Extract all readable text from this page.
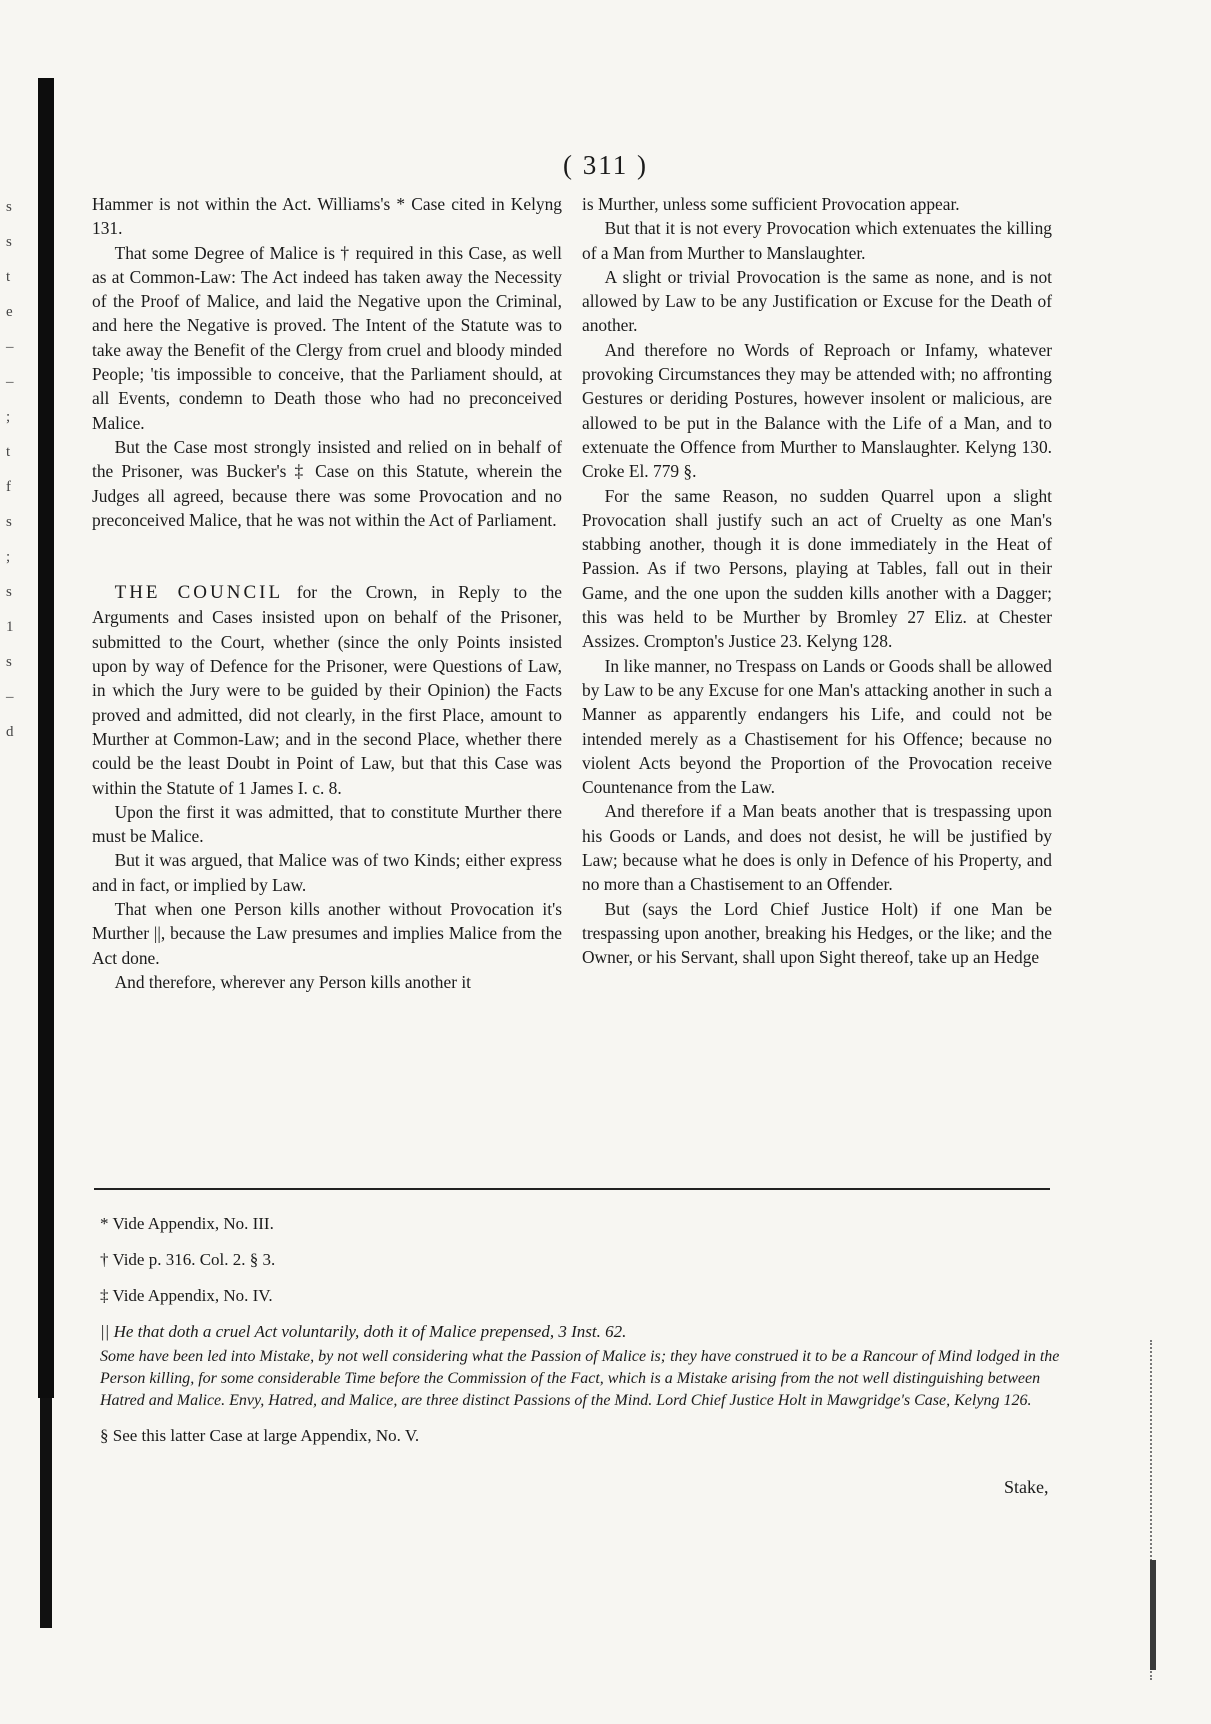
s
s
t
e
–
–
;
t
f
s
;
s
1
s
–
d
( 311 )

Hammer is not within the Act. Williams's * Case cited in Kelyng 131.

That some Degree of Malice is † required in this Case, as well as at Common-Law: The Act indeed has taken away the Necessity of the Proof of Malice, and laid the Negative upon the Criminal, and here the Negative is proved. The Intent of the Statute was to take away the Benefit of the Clergy from cruel and bloody minded People; 'tis impossible to conceive, that the Parliament should, at all Events, condemn to Death those who had no preconceived Malice.

But the Case most strongly insisted and relied on in behalf of the Prisoner, was Bucker's ‡ Case on this Statute, wherein the Judges all agreed, because there was some Provocation and no preconceived Malice, that he was not within the Act of Parliament.

THE COUNCIL for the Crown, in Reply to the Arguments and Cases insisted upon on behalf of the Prisoner, submitted to the Court, whether (since the only Points insisted upon by way of Defence for the Prisoner, were Questions of Law, in which the Jury were to be guided by their Opinion) the Facts proved and admitted, did not clearly, in the first Place, amount to Murther at Common-Law; and in the second Place, whether there could be the least Doubt in Point of Law, but that this Case was within the Statute of 1 James I. c. 8.

Upon the first it was admitted, that to constitute Murther there must be Malice.

But it was argued, that Malice was of two Kinds; either express and in fact, or implied by Law.

That when one Person kills another without Provocation it's Murther ||, because the Law presumes and implies Malice from the Act done.

And therefore, wherever any Person kills another it

is Murther, unless some sufficient Provocation appear.

But that it is not every Provocation which extenuates the killing of a Man from Murther to Manslaughter.

A slight or trivial Provocation is the same as none, and is not allowed by Law to be any Justification or Excuse for the Death of another.

And therefore no Words of Reproach or Infamy, whatever provoking Circumstances they may be attended with; no affronting Gestures or deriding Postures, however insolent or malicious, are allowed to be put in the Balance with the Life of a Man, and to extenuate the Offence from Murther to Manslaughter. Kelyng 130. Croke El. 779 §.

For the same Reason, no sudden Quarrel upon a slight Provocation shall justify such an act of Cruelty as one Man's stabbing another, though it is done immediately in the Heat of Passion. As if two Persons, playing at Tables, fall out in their Game, and the one upon the sudden kills another with a Dagger; this was held to be Murther by Bromley 27 Eliz. at Chester Assizes. Crompton's Justice 23. Kelyng 128.

In like manner, no Trespass on Lands or Goods shall be allowed by Law to be any Excuse for one Man's attacking another in such a Manner as apparently endangers his Life, and could not be intended merely as a Chastisement for his Offence; because no violent Acts beyond the Proportion of the Provocation receive Countenance from the Law.

And therefore if a Man beats another that is trespassing upon his Goods or Lands, and does not desist, he will be justified by Law; because what he does is only in Defence of his Property, and no more than a Chastisement to an Offender.

But (says the Lord Chief Justice Holt) if one Man be trespassing upon another, breaking his Hedges, or the like; and the Owner, or his Servant, shall upon Sight thereof, take up an Hedge

* Vide Appendix, No. III.

† Vide p. 316. Col. 2. § 3.

‡ Vide Appendix, No. IV.

|| He that doth a cruel Act voluntarily, doth it of Malice prepensed, 3 Inst. 62.

Some have been led into Mistake, by not well considering what the Passion of Malice is; they have construed it to be a Rancour of Mind lodged in the Person killing, for some considerable Time before the Commission of the Fact, which is a Mistake arising from the not well distinguishing between Hatred and Malice. Envy, Hatred, and Malice, are three distinct Passions of the Mind. Lord Chief Justice Holt in Mawgridge's Case, Kelyng 126.

§ See this latter Case at large Appendix, No. V.

Stake,
